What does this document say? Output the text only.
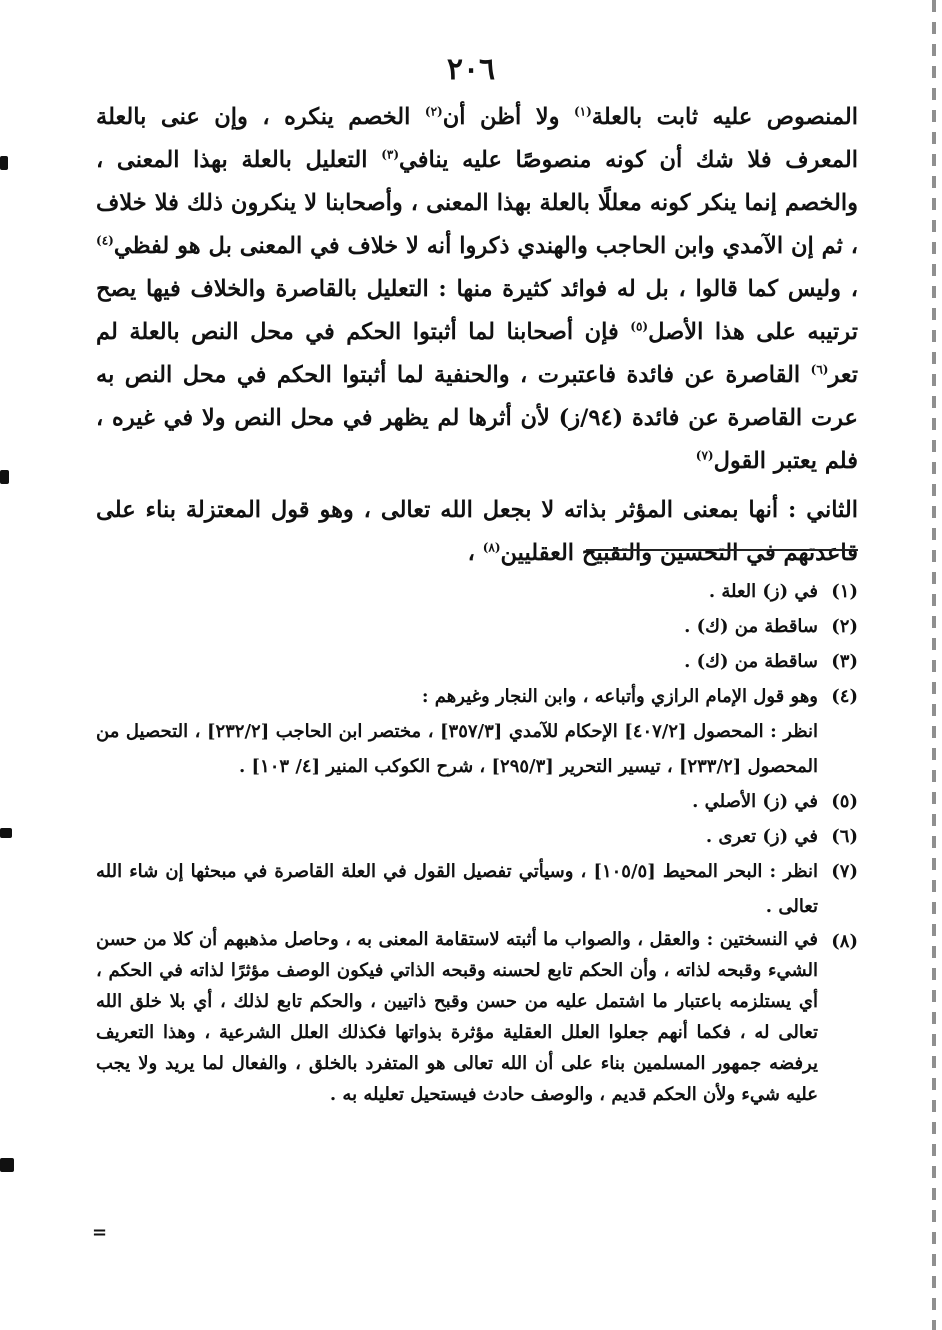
٢٠٦

المنصوص عليه ثابت بالعلة$^{(١)}$ ولا أظن أن$^{(٢)}$ الخصم ينكره ، وإن عنى بالعلة المعرف فلا شك أن كونه منصوصًا عليه ينافي$^{(٣)}$ التعليل بالعلة بهذا المعنى ، والخصم إنما ينكر كونه معللًا بالعلة بهذا المعنى ، وأصحابنا لا ينكرون ذلك فلا خلاف ، ثم إن الآمدي وابن الحاجب والهندي ذكروا أنه لا خلاف في المعنى بل هو لفظي$^{(٤)}$ ، وليس كما قالوا ، بل له فوائد كثيرة منها : التعليل بالقاصرة والخلاف فيها يصح ترتيبه على هذا الأصل$^{(٥)}$ فإن أصحابنا لما أثبتوا الحكم في محل النص بالعلة لم تعر$^{(٦)}$ القاصرة عن فائدة فاعتبرت ، والحنفية لما أثبتوا الحكم في محل النص به عرت القاصرة عن فائدة (٩٤/ز) لأن أثرها لم يظهر في محل النص ولا في غيره ، فلم يعتبر القول$^{(٧)}$

الثاني : أنها بمعنى المؤثر بذاته لا بجعل الله تعالى ، وهو قول المعتزلة بناء على قاعدتهم في التحسين والتقبيح العقليين$^{(٨)}$ ،

(١)
في (ز) العلة .
(٢)
ساقطة من (ك) .
(٣)
ساقطة من (ك) .
(٤)
وهو قول الإمام الرازي وأتباعه ، وابن النجار وغيرهم :
انظر : المحصول [٤٠٧/٢] الإحكام للآمدي [٣٥٧/٣] ، مختصر ابن الحاجب [٢٣٢/٢] ، التحصيل من المحصول [٢٣٣/٢] ، تيسير التحرير [٢٩٥/٣] ، شرح الكوكب المنير [٤/ ١٠٣] .
(٥)
في (ز) الأصلي .
(٦)
في (ز) تعرى .
(٧)
انظر : البحر المحيط [١٠٥/٥] ، وسيأتي تفصيل القول في العلة القاصرة في مبحثها إن شاء الله تعالى .
(٨)
في النسختين : والعقل ، والصواب ما أثبته لاستقامة المعنى به ، وحاصل مذهبهم أن كلا من حسن الشيء وقبحه لذاته ، وأن الحكم تابع لحسنه وقبحه الذاتي فيكون الوصف مؤثرًا لذاته في الحكم ، أي يستلزمه باعتبار ما اشتمل عليه من حسن وقبح ذاتيين ، والحكم تابع لذلك ، أي بلا خلق الله تعالى له ، فكما أنهم جعلوا العلل العقلية مؤثرة بذواتها فكذلك العلل الشرعية ، وهذا التعريف يرفضه جمهور المسلمين بناء على أن الله تعالى هو المتفرد بالخلق ، والفعال لما يريد ولا يجب عليه شيء ولأن الحكم قديم ، والوصف حادث فيستحيل تعليله به .
=
